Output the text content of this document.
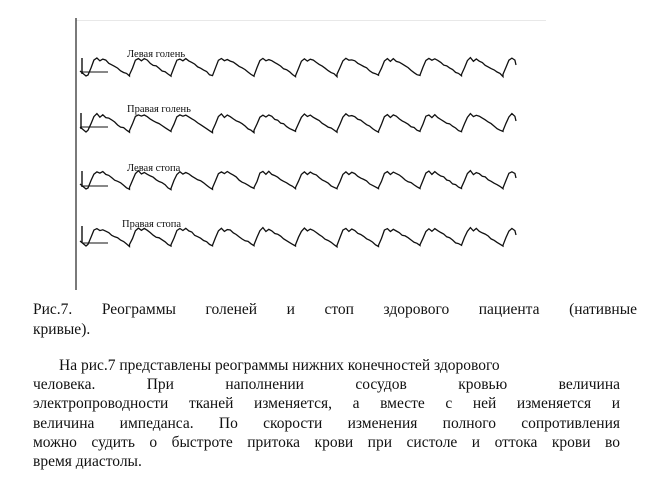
Левая голень
Правая голень
Левая стопа
Правая стопа
Рис.7. Реограммы голеней и стоп здорового пациента (нативные
кривые).
На рис.7 представлены реограммы нижних конечностей здорового
человека. При наполнении сосудов кровью величина
электропроводности тканей изменяется, а вместе с ней изменяется и
величина импеданса. По скорости изменения полного сопротивления
можно судить о быстроте притока крови при систоле и оттока крови во
время диастолы.
